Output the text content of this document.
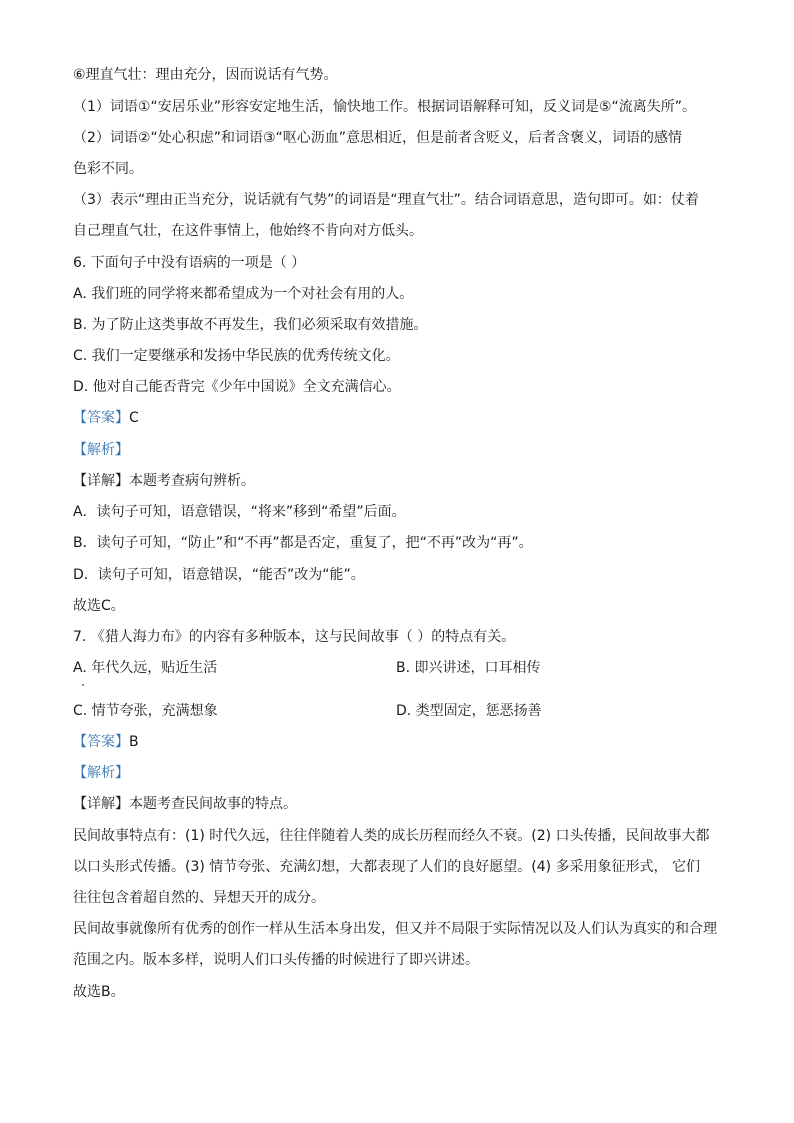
⑥理直气壮：理由充分，因而说话有气势。
（1）词语①“安居乐业”形容安定地生活，愉快地工作。根据词语解释可知，反义词是⑤“流离失所”。
（2）词语②“处心积虑”和词语③“呕心沥血”意思相近，但是前者含贬义，后者含褒义，词语的感情
色彩不同。
（3）表示“理由正当充分，说话就有气势”的词语是“理直气壮”。结合词语意思，造句即可。如：仗着
自己理直气壮，在这件事情上，他始终不肯向对方低头。
6. 下面句子中没有语病的一项是（ ）
A. 我们班的同学将来都希望成为一个对社会有用的人。
B. 为了防止这类事故不再发生，我们必须采取有效措施。
C. 我们一定要继承和发扬中华民族的优秀传统文化。
D. 他对自己能否背完《少年中国说》全文充满信心。
【答案】C
【解析】
【详解】本题考查病句辨析。
A．读句子可知，语意错误，“将来”移到“希望”后面。
B．读句子可知，“防止”和“不再”都是否定，重复了，把“不再”改为“再”。
D．读句子可知，语意错误，“能否”改为“能”。
故选C。
7. 《猎人海力布》的内容有多种版本，这与民间故事（ ）的特点有关。
A. 年代久远，贴近生活	B. 即兴讲述，口耳相传
C. 情节夸张，充满想象	D. 类型固定，惩恶扬善
【答案】B
【解析】
【详解】本题考查民间故事的特点。
民间故事特点有：(1) 时代久远，往往伴随着人类的成长历程而经久不衰。(2) 口头传播，民间故事大都
以口头形式传播。(3) 情节夸张、充满幻想，大都表现了人们的良好愿望。(4) 多采用象征形式， 它们
往往包含着超自然的、异想天开的成分。
民间故事就像所有优秀的创作一样从生活本身出发，但又并不局限于实际情况以及人们认为真实的和合理
范围之内。版本多样，说明人们口头传播的时候进行了即兴讲述。
故选B。
